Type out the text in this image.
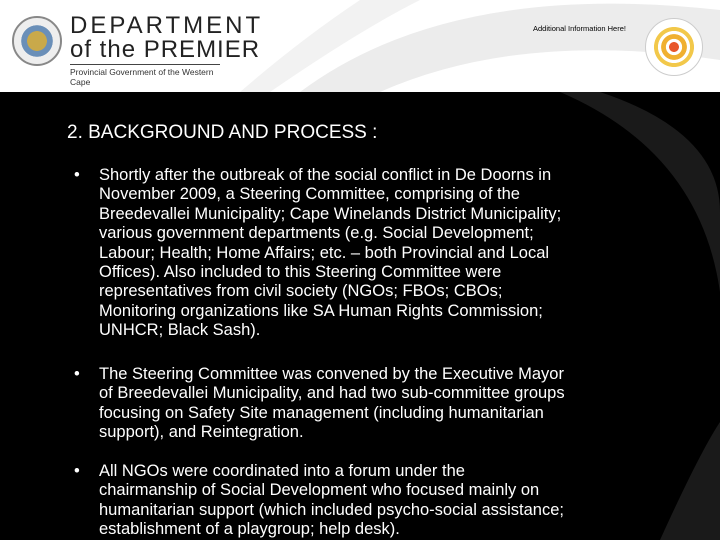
DEPARTMENT
of the PREMIER
Provincial Government of the Western Cape
Additional Information Here!
2. BACKGROUND AND PROCESS :
• Shortly after the outbreak of the social conflict in De Doorns in
November 2009, a Steering Committee, comprising of the
Breedevallei Municipality; Cape Winelands District Municipality;
various government departments (e.g. Social Development;
Labour; Health; Home Affairs; etc. – both Provincial and Local
Offices). Also included to this Steering Committee were
representatives from civil society (NGOs; FBOs; CBOs;
Monitoring organizations like SA Human Rights Commission;
UNHCR; Black Sash).
• The Steering Committee was convened by the Executive Mayor
of Breedevallei Municipality, and had two sub-committee groups
focusing on Safety Site management (including humanitarian
support), and Reintegration.
• All NGOs were coordinated into a forum under the
chairmanship of Social Development who focused mainly on
humanitarian support (which included psycho-social assistance;
establishment of a playgroup; help desk).
